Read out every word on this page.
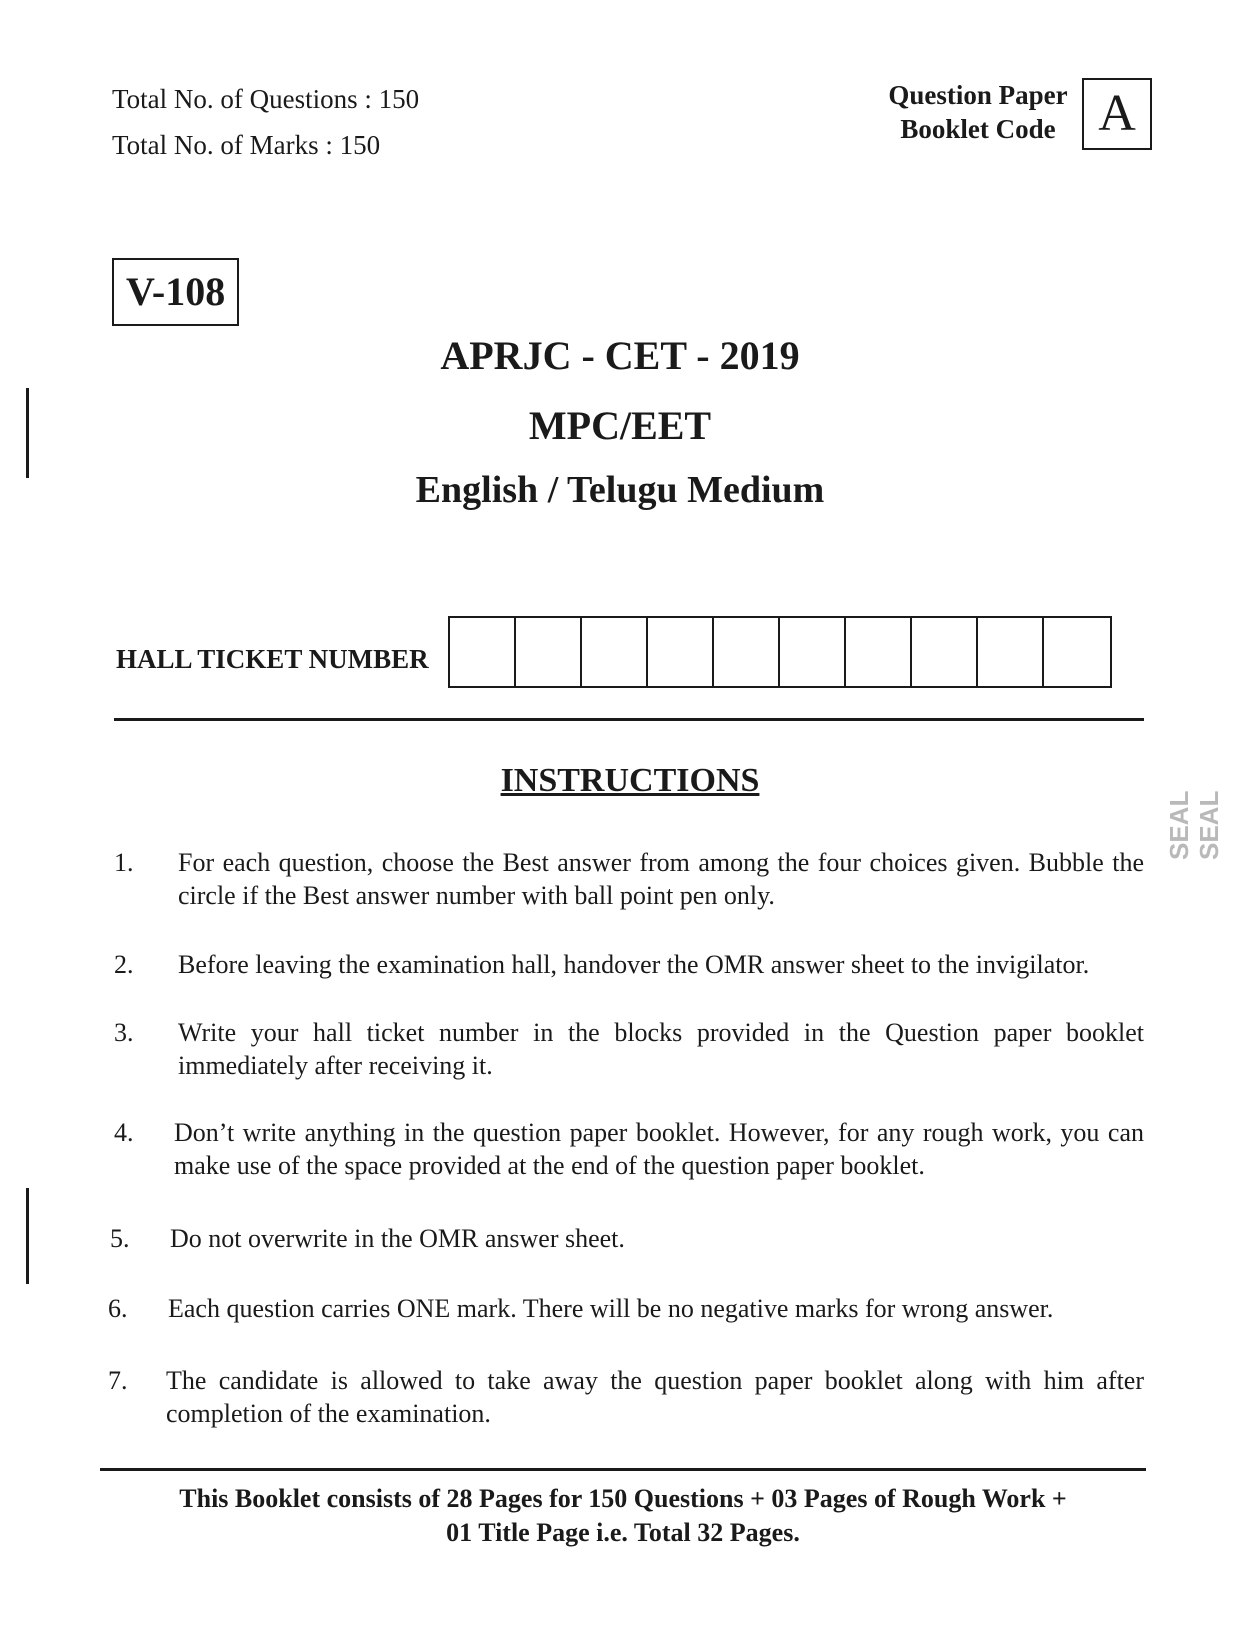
Total No. of Questions : 150
Total No. of Marks : 150
Question Paper
Booklet Code A
V-108
APRJC - CET - 2019
MPC/EET
English / Telugu Medium
HALL TICKET NUMBER
INSTRUCTIONS
1. For each question, choose the Best answer from among the four choices given. Bubble the circle if the Best answer number with ball point pen only.
2. Before leaving the examination hall, handover the OMR answer sheet to the invigilator.
3. Write your hall ticket number in the blocks provided in the Question paper booklet immediately after receiving it.
4. Don’t write anything in the question paper booklet. However, for any rough work, you can make use of the space provided at the end of the question paper booklet.
5. Do not overwrite in the OMR answer sheet.
6. Each question carries ONE mark. There will be no negative marks for wrong answer.
7. The candidate is allowed to take away the question paper booklet along with him after completion of the examination.
This Booklet consists of 28 Pages for 150 Questions + 03 Pages of Rough Work +
01 Title Page i.e. Total 32 Pages.
SEAL SEAL
